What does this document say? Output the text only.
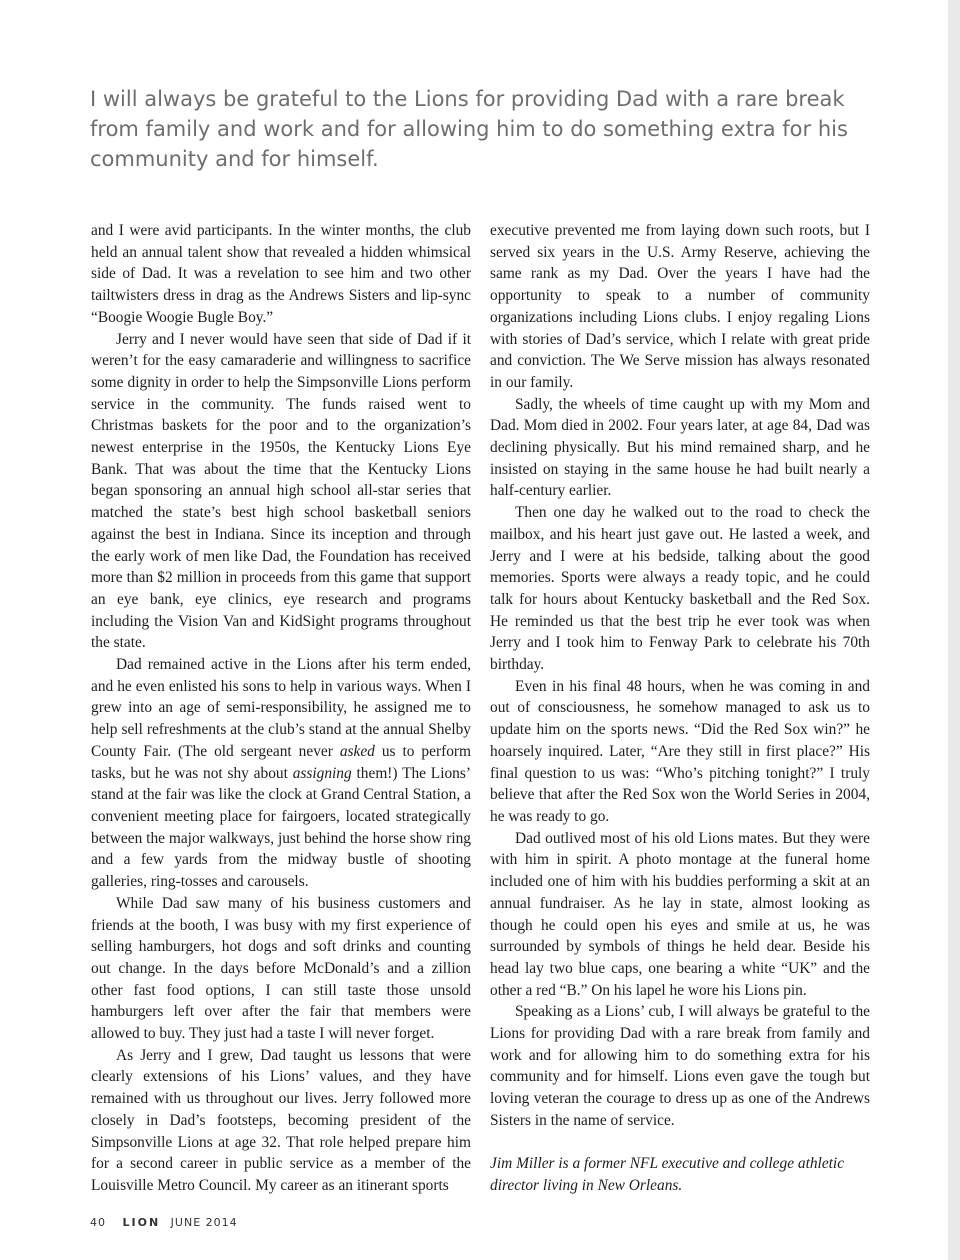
I will always be grateful to the Lions for providing Dad with a rare break from family and work and for allowing him to do something extra for his community and for himself.

and I were avid participants. In the winter months, the club held an annual talent show that revealed a hidden whimsical side of Dad. It was a revelation to see him and two other tailtwisters dress in drag as the Andrews Sisters and lip-sync “Boogie Woogie Bugle Boy.”

Jerry and I never would have seen that side of Dad if it weren’t for the easy camaraderie and willingness to sacrifice some dignity in order to help the Simpsonville Lions perform service in the community. The funds raised went to Christmas baskets for the poor and to the organization’s newest enterprise in the 1950s, the Kentucky Lions Eye Bank. That was about the time that the Kentucky Lions began sponsoring an annual high school all-star series that matched the state’s best high school basketball seniors against the best in Indiana. Since its inception and through the early work of men like Dad, the Foundation has received more than $2 million in proceeds from this game that support an eye bank, eye clinics, eye research and programs including the Vision Van and KidSight programs throughout the state.

Dad remained active in the Lions after his term ended, and he even enlisted his sons to help in various ways. When I grew into an age of semi-responsibility, he assigned me to help sell refreshments at the club’s stand at the annual Shelby County Fair. (The old sergeant never asked us to perform tasks, but he was not shy about assigning them!) The Lions’ stand at the fair was like the clock at Grand Central Station, a convenient meeting place for fairgoers, located strategically between the major walkways, just behind the horse show ring and a few yards from the midway bustle of shooting galleries, ring-tosses and carousels.

While Dad saw many of his business customers and friends at the booth, I was busy with my first experience of selling hamburgers, hot dogs and soft drinks and counting out change. In the days before McDonald’s and a zillion other fast food options, I can still taste those unsold hamburgers left over after the fair that members were allowed to buy. They just had a taste I will never forget.

As Jerry and I grew, Dad taught us lessons that were clearly extensions of his Lions’ values, and they have remained with us throughout our lives. Jerry followed more closely in Dad’s footsteps, becoming president of the Simpsonville Lions at age 32. That role helped prepare him for a second career in public service as a member of the Louisville Metro Council. My career as an itinerant sports

executive prevented me from laying down such roots, but I served six years in the U.S. Army Reserve, achieving the same rank as my Dad. Over the years I have had the opportunity to speak to a number of community organizations including Lions clubs. I enjoy regaling Lions with stories of Dad’s service, which I relate with great pride and conviction. The We Serve mission has always resonated in our family.

Sadly, the wheels of time caught up with my Mom and Dad. Mom died in 2002. Four years later, at age 84, Dad was declining physically. But his mind remained sharp, and he insisted on staying in the same house he had built nearly a half-century earlier.

Then one day he walked out to the road to check the mailbox, and his heart just gave out. He lasted a week, and Jerry and I were at his bedside, talking about the good memories. Sports were always a ready topic, and he could talk for hours about Kentucky basketball and the Red Sox. He reminded us that the best trip he ever took was when Jerry and I took him to Fenway Park to celebrate his 70th birthday.

Even in his final 48 hours, when he was coming in and out of consciousness, he somehow managed to ask us to update him on the sports news. “Did the Red Sox win?” he hoarsely inquired. Later, “Are they still in first place?” His final question to us was: “Who’s pitching tonight?” I truly believe that after the Red Sox won the World Series in 2004, he was ready to go.

Dad outlived most of his old Lions mates. But they were with him in spirit. A photo montage at the funeral home included one of him with his buddies performing a skit at an annual fundraiser. As he lay in state, almost looking as though he could open his eyes and smile at us, he was surrounded by symbols of things he held dear. Beside his head lay two blue caps, one bearing a white “UK” and the other a red “B.” On his lapel he wore his Lions pin.

Speaking as a Lions’ cub, I will always be grateful to the Lions for providing Dad with a rare break from family and work and for allowing him to do something extra for his community and for himself. Lions even gave the tough but loving veteran the courage to dress up as one of the Andrews Sisters in the name of service.

Jim Miller is a former NFL executive and college athletic director living in New Orleans.

40 LION JUNE 2014
